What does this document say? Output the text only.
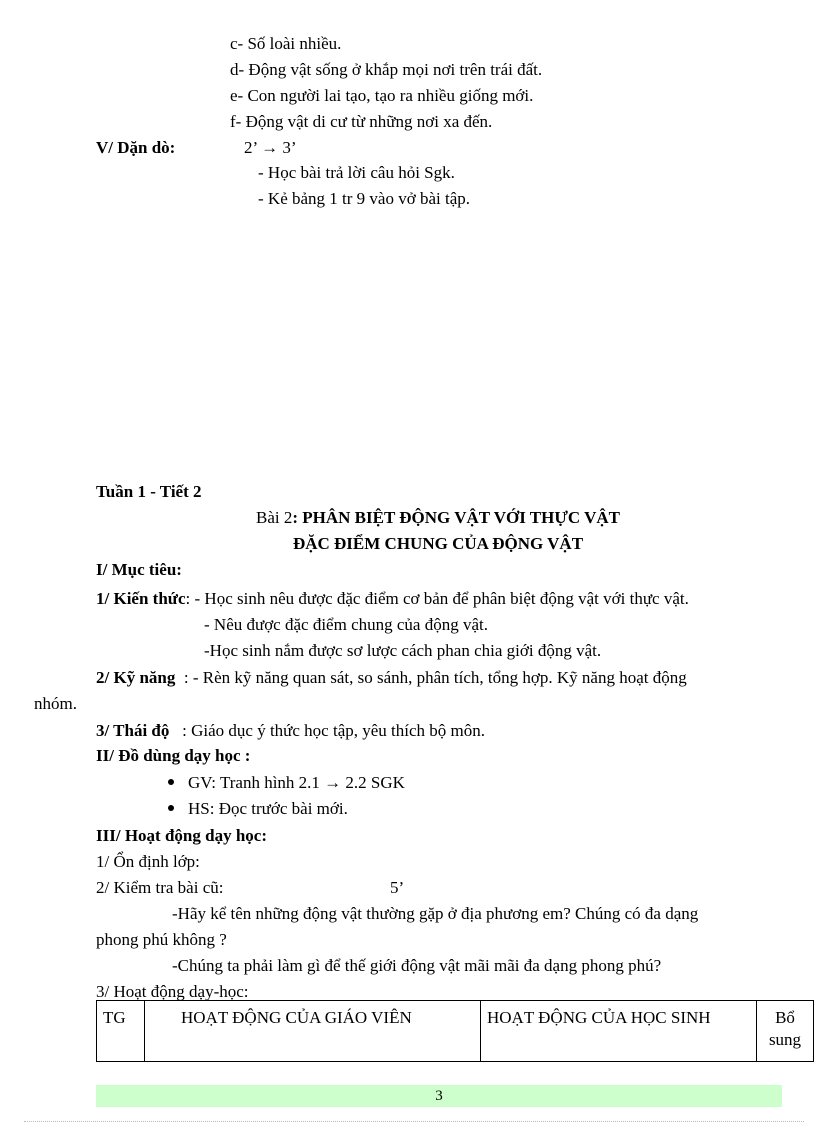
c- Số loài nhiều.
d- Động vật sống ở khắp mọi nơi trên trái đất.
e- Con người lai tạo, tạo ra nhiều giống mới.
f- Động vật di cư từ những nơi xa đến.
V/ Dặn dò:	2’ → 3’
- Học bài trả lời câu hỏi Sgk.
- Kẻ bảng 1 tr 9 vào vở bài tập.
Tuần 1 - Tiết 2
Bài 2: PHÂN BIỆT ĐỘNG VẬT VỚI THỰC VẬT
ĐẶC ĐIỂM CHUNG CỦA ĐỘNG VẬT
I/ Mục tiêu:
1/ Kiến thức: - Học sinh nêu được đặc điểm cơ bản để phân biệt động vật với thực vật.
- Nêu được đặc điểm chung của động vật.
-Học sinh nắm được sơ lược cách phan chia giới động vật.
2/ Kỹ năng  : - Rèn kỹ năng quan sát, so sánh, phân tích, tổng hợp. Kỹ năng hoạt động
nhóm.
3/ Thái độ   : Giáo dục ý thức học tập, yêu thích bộ môn.
II/ Đồ dùng dạy học :
GV: Tranh hình 2.1 → 2.2 SGK
HS: Đọc trước bài mới.
III/ Hoạt động dạy học:
1/ Ổn định lớp:
2/ Kiểm tra bài cũ:	5’
-Hãy kể tên những động vật thường gặp ở địa phương em? Chúng có đa dạng
phong phú không ?
-Chúng ta phải làm gì để thế giới động vật mãi mãi đa dạng phong phú?
3/ Hoạt động dạy-học:
TG	HOẠT ĐỘNG CỦA GIÁO VIÊN	HOẠT ĐỘNG CỦA HỌC SINH	Bổ sung
3
